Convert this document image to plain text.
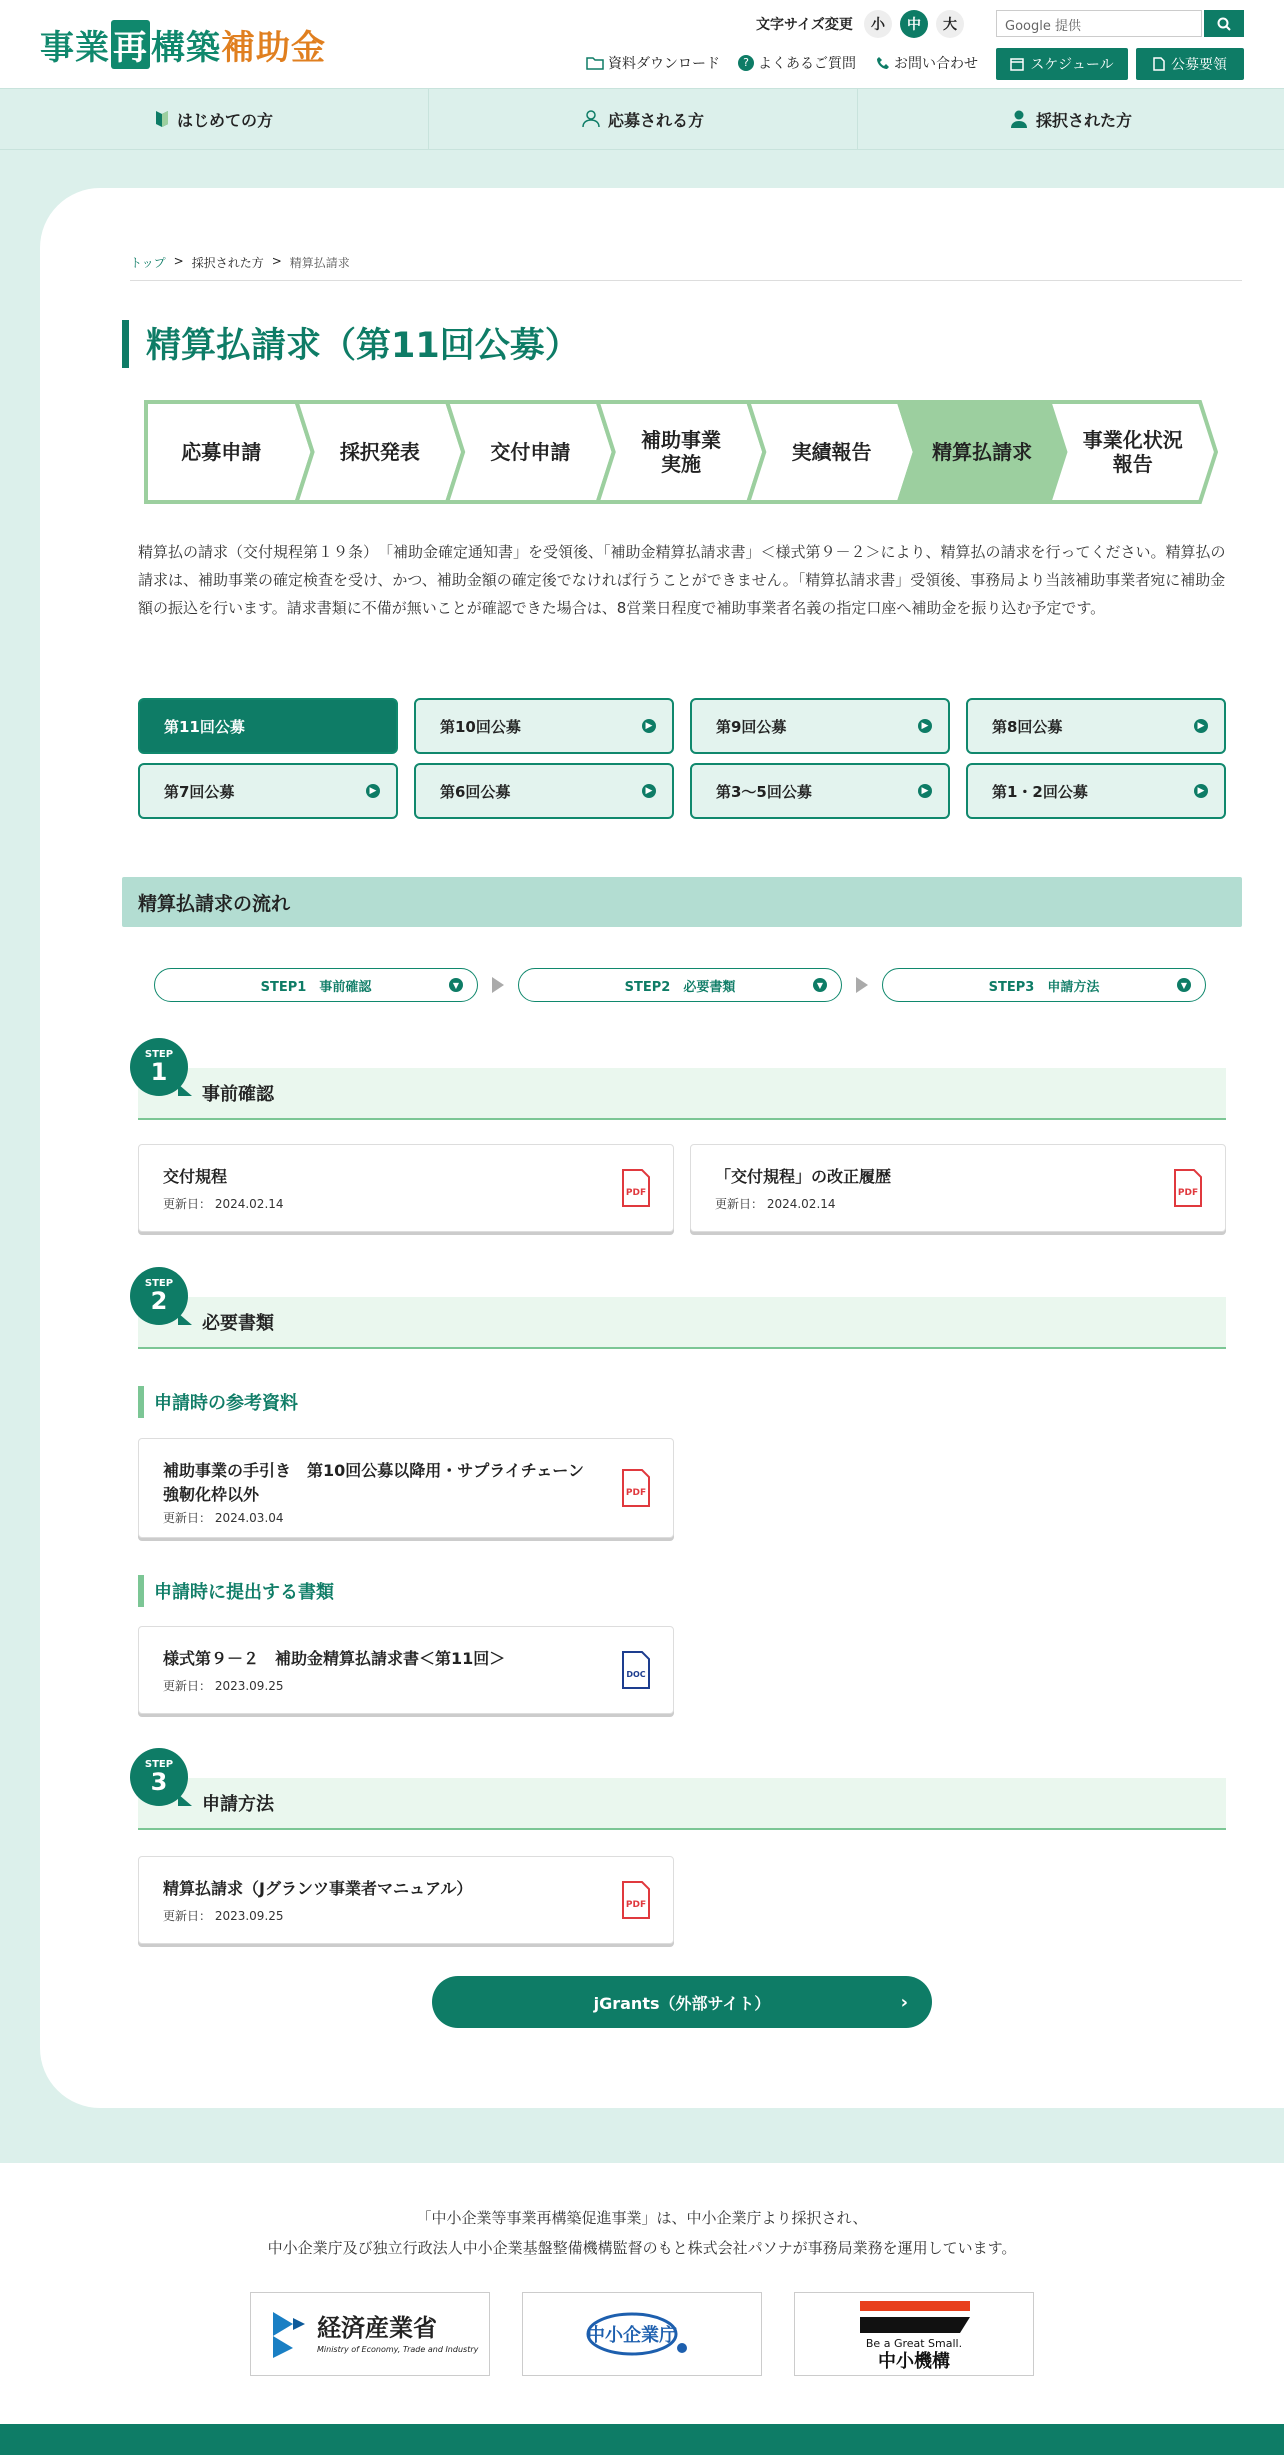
事業再構築補助金
文字サイズ変更	小	中	大	Google 提供
資料ダウンロード	? よくあるご質問	お問い合わせ	スケジュール	公募要領
はじめての方	応募される方	採択された方
トップ > 採択された方 > 精算払請求
精算払請求（第11回公募）
応募申請	採択発表	交付申請	補助事業
実施	実績報告	精算払請求	事業化状況
報告

精算払の請求（交付規程第１９条）　「補助金確定通知書」を受領後、「補助金精算払請求書」＜様式第９－２＞により、精算払の請求を行ってください。精算払の請求は、補助事業の確定検査を受け、かつ、補助金額の確定後でなければ行うことができません。「精算払請求書」受領後、事務局より当該補助事業者宛に補助金額の振込を行います。請求書類に不備が無いことが確認できた場合は、8営業日程度で補助事業者名義の指定口座へ補助金を振り込む予定です。

第11回公募	第10回公募	▶	第9回公募	▶	第8回公募	▶
第7回公募	▶	第6回公募	▶	第3〜5回公募	▶	第1・2回公募	▶
精算払請求の流れ
STEP1　事前確認	▼	STEP2　必要書類	▼	STEP3　申請方法	▼
事前確認
STEP
1
交付規程
更新日： 2024.02.14
PDF
「交付規程」の改正履歴
更新日： 2024.02.14
PDF
必要書類
STEP
2
申請時の参考資料
補助事業の手引き　第10回公募以降用・サプライチェーン強靭化枠以外
更新日： 2024.03.04
PDF
申請時に提出する書類
様式第９－２　補助金精算払請求書＜第11回＞
更新日： 2023.09.25
DOC
申請方法
STEP
3
精算払請求（Jグランツ事業者マニュアル）
更新日： 2023.09.25
PDF
jGrants（外部サイト）	›
「中小企業等事業再構築促進事業」は、中小企業庁より採択され、
中小企業庁及び独立行政法人中小企業基盤整備機構監督のもと株式会社パソナが事務局業務を運用しています。
経済産業省
Ministry of Economy, Trade and Industry
中小企業庁	Be a Great Small.
中小機構
